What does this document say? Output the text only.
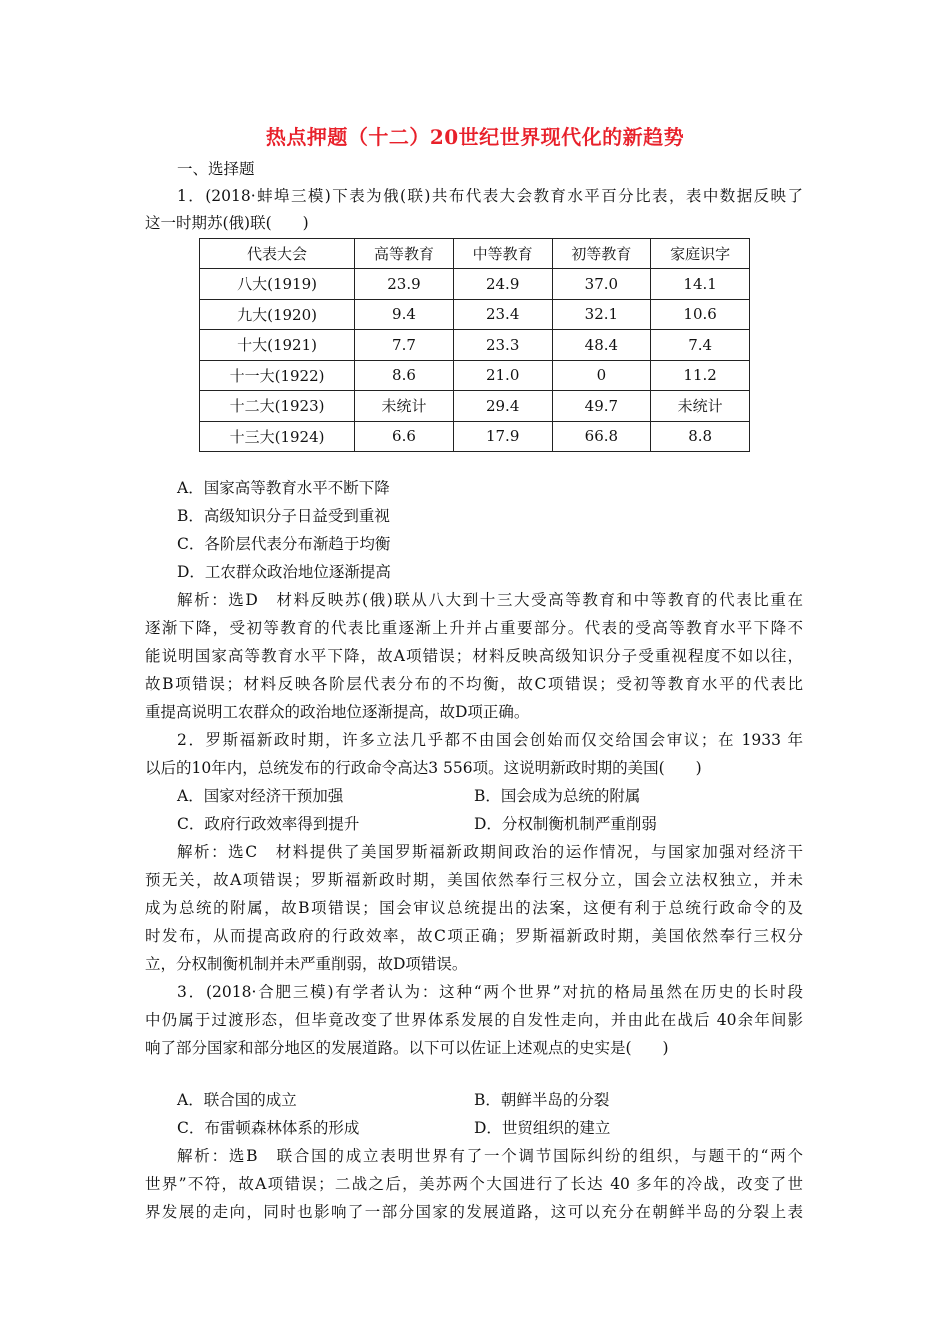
热点押题（十二）20世纪世界现代化的新趋势
一、选择题
1．(2018·蚌埠三模)下表为俄(联)共布代表大会教育水平百分比表，表中数据反映了
这一时期苏(俄)联(　　)
代表大会	高等教育	中等教育	初等教育	家庭识字
八大(1919)	23.9	24.9	37.0	14.1
九大(1920)	9.4	23.4	32.1	10.6
十大(1921)	7.7	23.3	48.4	7.4
十一大(1922)	8.6	21.0	0	11.2
十二大(1923)	未统计	29.4	49.7	未统计
十三大(1924)	6.6	17.9	66.8	8.8
A．国家高等教育水平不断下降
B．高级知识分子日益受到重视
C．各阶层代表分布渐趋于均衡
D．工农群众政治地位逐渐提高
解析：选D　材料反映苏(俄)联从八大到十三大受高等教育和中等教育的代表比重在
逐渐下降，受初等教育的代表比重逐渐上升并占重要部分。代表的受高等教育水平下降不
能说明国家高等教育水平下降，故A项错误；材料反映高级知识分子受重视程度不如以往，
故B项错误；材料反映各阶层代表分布的不均衡，故C项错误；受初等教育水平的代表比
重提高说明工农群众的政治地位逐渐提高，故D项正确。
2．罗斯福新政时期，许多立法几乎都不由国会创始而仅交给国会审议；在 1933 年
以后的10年内，总统发布的行政命令高达3 556项。这说明新政时期的美国(　　)
A．国家对经济干预加强	B．国会成为总统的附属
C．政府行政效率得到提升	D．分权制衡机制严重削弱
解析：选C　材料提供了美国罗斯福新政期间政治的运作情况，与国家加强对经济干
预无关，故A项错误；罗斯福新政时期，美国依然奉行三权分立，国会立法权独立，并未
成为总统的附属，故B项错误；国会审议总统提出的法案，这便有利于总统行政命令的及
时发布，从而提高政府的行政效率，故C项正确；罗斯福新政时期，美国依然奉行三权分
立，分权制衡机制并未严重削弱，故D项错误。
3．(2018·合肥三模)有学者认为：这种“两个世界”对抗的格局虽然在历史的长时段
中仍属于过渡形态，但毕竟改变了世界体系发展的自发性走向，并由此在战后 40余年间影
响了部分国家和部分地区的发展道路。以下可以佐证上述观点的史实是(　　)
A．联合国的成立	B．朝鲜半岛的分裂
C．布雷顿森林体系的形成	D．世贸组织的建立
解析：选B　联合国的成立表明世界有了一个调节国际纠纷的组织，与题干的“两个
世界”不符，故A项错误；二战之后，美苏两个大国进行了长达 40 多年的冷战，改变了世
界发展的走向，同时也影响了一部分国家的发展道路，这可以充分在朝鲜半岛的分裂上表
